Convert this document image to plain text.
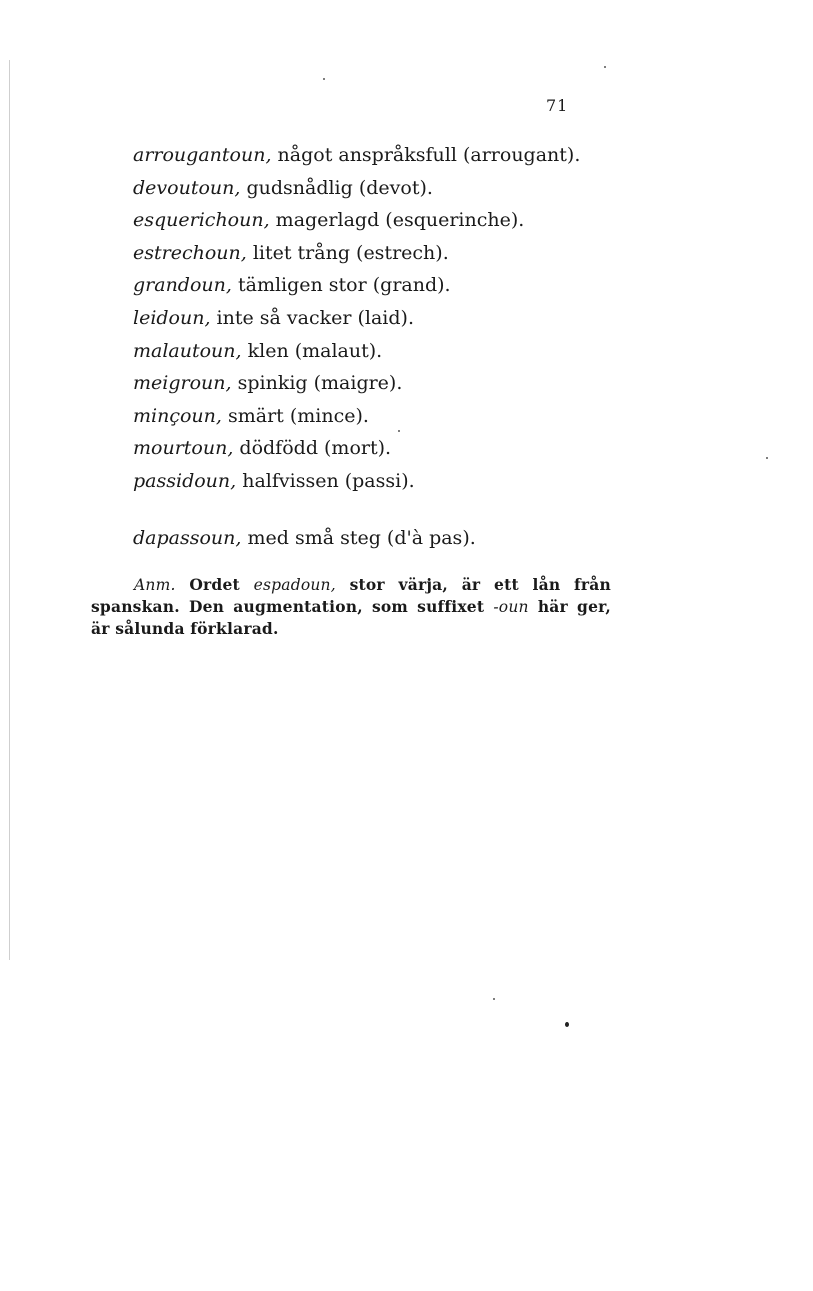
71
arrougantoun, något anspråksfull (arrougant).
devoutoun, gudsnådlig (devot).
esquerichoun, magerlagd (esquerinche).
estrechoun, litet trång (estrech).
grandoun, tämligen stor (grand).
leidoun, inte så vacker (laid).
malautoun, klen (malaut).
meigroun, spinkig (maigre).
minçoun, smärt (mince).
mourtoun, dödfödd (mort).
passidoun, halfvissen (passi).
dapassoun, med små steg (d'à pas).
Anm. Ordet espadoun, stor värja, är ett lån från
spanskan. Den augmentation, som suffixet -oun här ger,
är sålunda förklarad.
